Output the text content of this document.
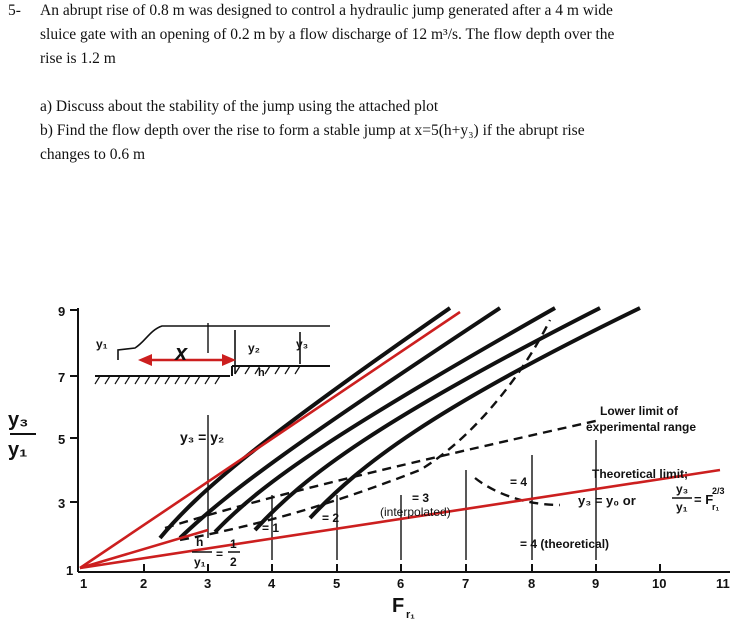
5- An abrupt rise of 0.8 m was designed to control a hydraulic jump generated after a 4 m wide
sluice gate with an opening of 0.2 m by a flow discharge of 12 m³/s. The flow depth over the
rise is 1.2 m
a) Discuss about the stability of the jump using the attached plot
b) Find the flow depth over the rise to form a stable jump at x=5(h+y₃) if the abrupt rise
changes to 0.6 m
9
7
5
3
1
y₃
y₁
1	2	3	4	5	6	7	8	9	10	11
F r₁
y₁	x	y₂	y₃
h
y₃ = y₂
h
y₁
=
1
2
= 1
= 2
= 3
(interpolated)
= 4
= 4 (theoretical)
Lower limit of
experimental range
Theoretical limit;
y₃ = y₀ or
y₃
y₁ = F
2/3
r₁
